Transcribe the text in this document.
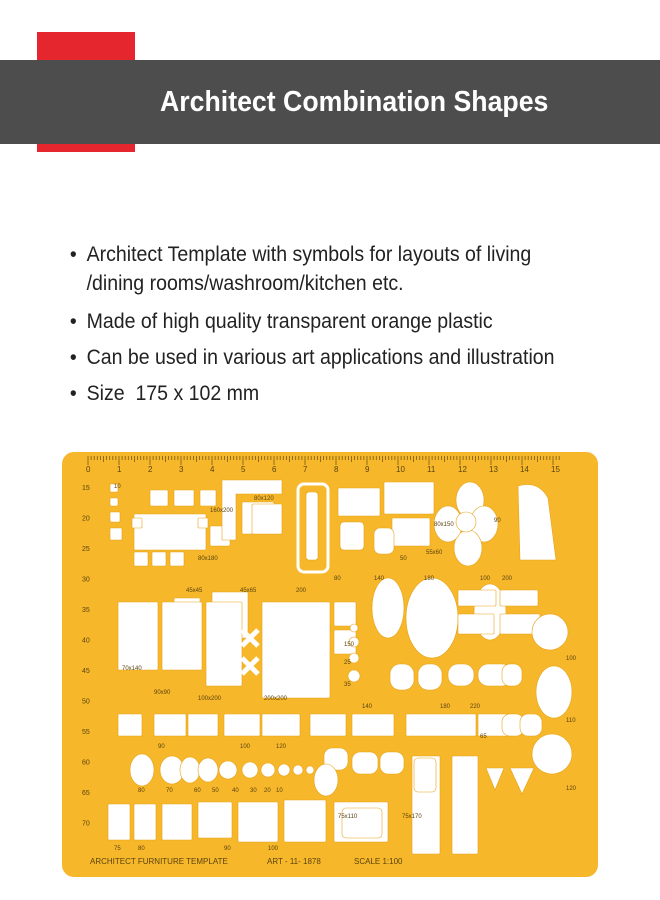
Architect Combination Shapes
• Architect Template with symbols for layouts of living
/dining rooms/washroom/kitchen etc.
• Made of high quality transparent orange plastic
• Can be used in various art applications and illustration
• Size  175 x 102 mm
0	1	2	3	4	5	6	7	8	9	10	11	12	13	14	15
15
20
25
30
35
40
45
50
55
60
65
70
10
160x200
80x120
80x180
45x45	45x65	200
80x150
90
55x60
50
80	140	180	100 200
70x140
90x90
100x200	200x200
150
25
35
140	180	220
100
110
120
65
90	100	120
80	70	60 50 40 30 20 10
75x110	75x170
75	80	90	100
ARCHITECT FURNITURE TEMPLATE	ART - 11- 1878	SCALE 1:100
